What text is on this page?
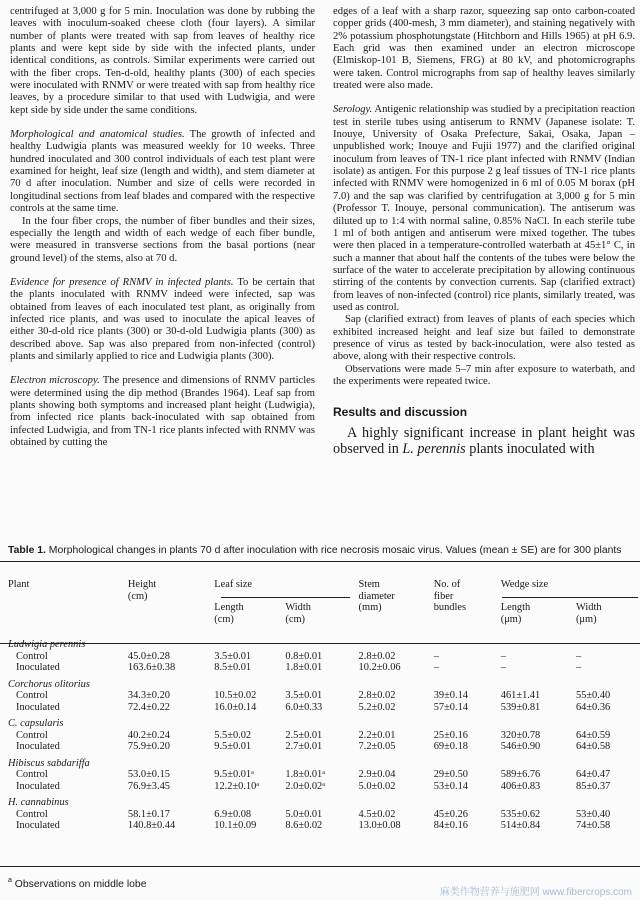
centrifuged at 3,000 g for 5 min. Inoculation was done by rubbing the leaves with inoculum-soaked cheese cloth (four layers). A similar number of plants were treated with sap from leaves of healthy rice plants and were kept side by side with the infected plants, under identical conditions, as controls. Similar experiments were carried out with the fiber crops. Ten-d-old, healthy plants (300) of each species were inoculated with RNMV or were treated with sap from healthy rice leaves, by a procedure similar to that used with Ludwigia, and were kept side by side under the same conditions.

Morphological and anatomical studies. The growth of infected and healthy Ludwigia plants was measured weekly for 10 weeks. Three hundred inoculated and 300 control individuals of each test plant were examined for height, leaf size (length and width), and stem diameter at 70 d after inoculation. Number and size of cells were recorded in longitudinal sections from leaf blades and compared with the respective controls at the same time.

In the four fiber crops, the number of fiber bundles and their sizes, especially the length and width of each wedge of each fiber bundle, were measured in transverse sections from the basal portions (near ground level) of the stems, also at 70 d.

Evidence for presence of RNMV in infected plants. To be certain that the plants inoculated with RNMV indeed were infected, sap was obtained from leaves of each inoculated test plant, as originally from infected rice plants, and was used to inoculate the apical leaves of either 30-d-old rice plants (300) or 30-d-old Ludwigia plants (300) as described above. Sap was also prepared from non-infected (control) plants and similarly applied to rice and Ludwigia plants (300).

Electron microscopy. The presence and dimensions of RNMV particles were determined using the dip method (Brandes 1964). Leaf sap from plants showing both symptoms and increased plant height (Ludwigia), from infected rice plants back-inoculated with sap obtained from infected Ludwigia, and from TN-1 rice plants infected with RNMV was obtained by cutting the

edges of a leaf with a sharp razor, squeezing sap onto carbon-coated copper grids (400-mesh, 3 mm diameter), and staining negatively with 2% potassium phosphotungstate (Hitchborn and Hills 1965) at pH 6.9. Each grid was then examined under an electron microscope (Elmiskop-101 B, Siemens, FRG) at 80 kV, and photomicrographs were taken. Control micrographs from sap of healthy leaves similarly treated were also made.

Serology. Antigenic relationship was studied by a precipitation reaction test in sterile tubes using antiserum to RNMV (Japanese isolate: T. Inouye, University of Osaka Prefecture, Sakai, Osaka, Japan – unpublished work; Inouye and Fujii 1977) and the clarified original inoculum from leaves of TN-1 rice plant infected with RNMV (Indian isolate) as antigen. For this purpose 2 g leaf tissues of TN-1 rice plants infected with RNMV were homogenized in 6 ml of 0.05 M borax (pH 7.0) and the sap was clarified by centrifugation at 3,000 g for 5 min (Professor T. Inouye, personal communication). The antiserum was diluted up to 1:4 with normal saline, 0.85% NaCl. In each sterile tube 1 ml of both antigen and antiserum were mixed together. The tubes were then placed in a temperature-controlled waterbath at 45±1° C, in such a manner that about half the contents of the tubes were below the surface of the water to accelerate precipitation by allowing continuous stirring of the contents by convection currents. Sap (clarified extract) from leaves of non-infected (control) rice plants, similarly treated, was used as control.

Sap (clarified extract) from leaves of plants of each species which exhibited increased height and leaf size but failed to demonstrate presence of virus as tested by back-inoculation, were also tested as above, along with their respective controls.

Observations were made 5–7 min after exposure to waterbath, and the experiments were repeated twice.

Results and discussion

A highly significant increase in plant height was observed in L. perennis plants inoculated with

Table 1. Morphological changes in plants 70 d after inoculation with rice necrosis mosaic virus. Values (mean ± SE) are for 300 plants
Plant	Height
(cm)	Leaf size

Length
(cm)	Width
(cm)	Stem
diameter
(mm)	No. of
fiber
bundles	Wedge size

Length
(μm)	Width
(μm)

Ludwigia perennis							
Control	45.0±0.28	3.5±0.01	0.8±0.01	2.8±0.02	–	–	–
Inoculated	163.6±0.38	8.5±0.01	1.8±0.01	10.2±0.06	–	–	–
Corchorus olitorius							
Control	34.3±0.20	10.5±0.02	3.5±0.01	2.8±0.02	39±0.14	461±1.41	55±0.40
Inoculated	72.4±0.22	16.0±0.14	6.0±0.33	5.2±0.02	57±0.14	539±0.81	64±0.36
C. capsularis							
Control	40.2±0.24	5.5±0.02	2.5±0.01	2.2±0.01	25±0.16	320±0.78	64±0.59
Inoculated	75.9±0.20	9.5±0.01	2.7±0.01	7.2±0.05	69±0.18	546±0.90	64±0.58
Hibiscus sabdariffa							
Control	53.0±0.15	9.5±0.01ᵃ	1.8±0.01ᵃ	2.9±0.04	29±0.50	589±6.76	64±0.47
Inoculated	76.9±3.45	12.2±0.10ᵃ	2.0±0.02ᵃ	5.0±0.02	53±0.14	406±0.83	85±0.37
H. cannabinus							
Control	58.1±0.17	6.9±0.08	5.0±0.01	4.5±0.02	45±0.26	535±0.62	53±0.40
Inoculated	140.8±0.44	10.1±0.09	8.6±0.02	13.0±0.08	84±0.16	514±0.84	74±0.58
$^a$ Observations on middle lobe
麻类作物营养与施肥网 www.fibercrops.com
